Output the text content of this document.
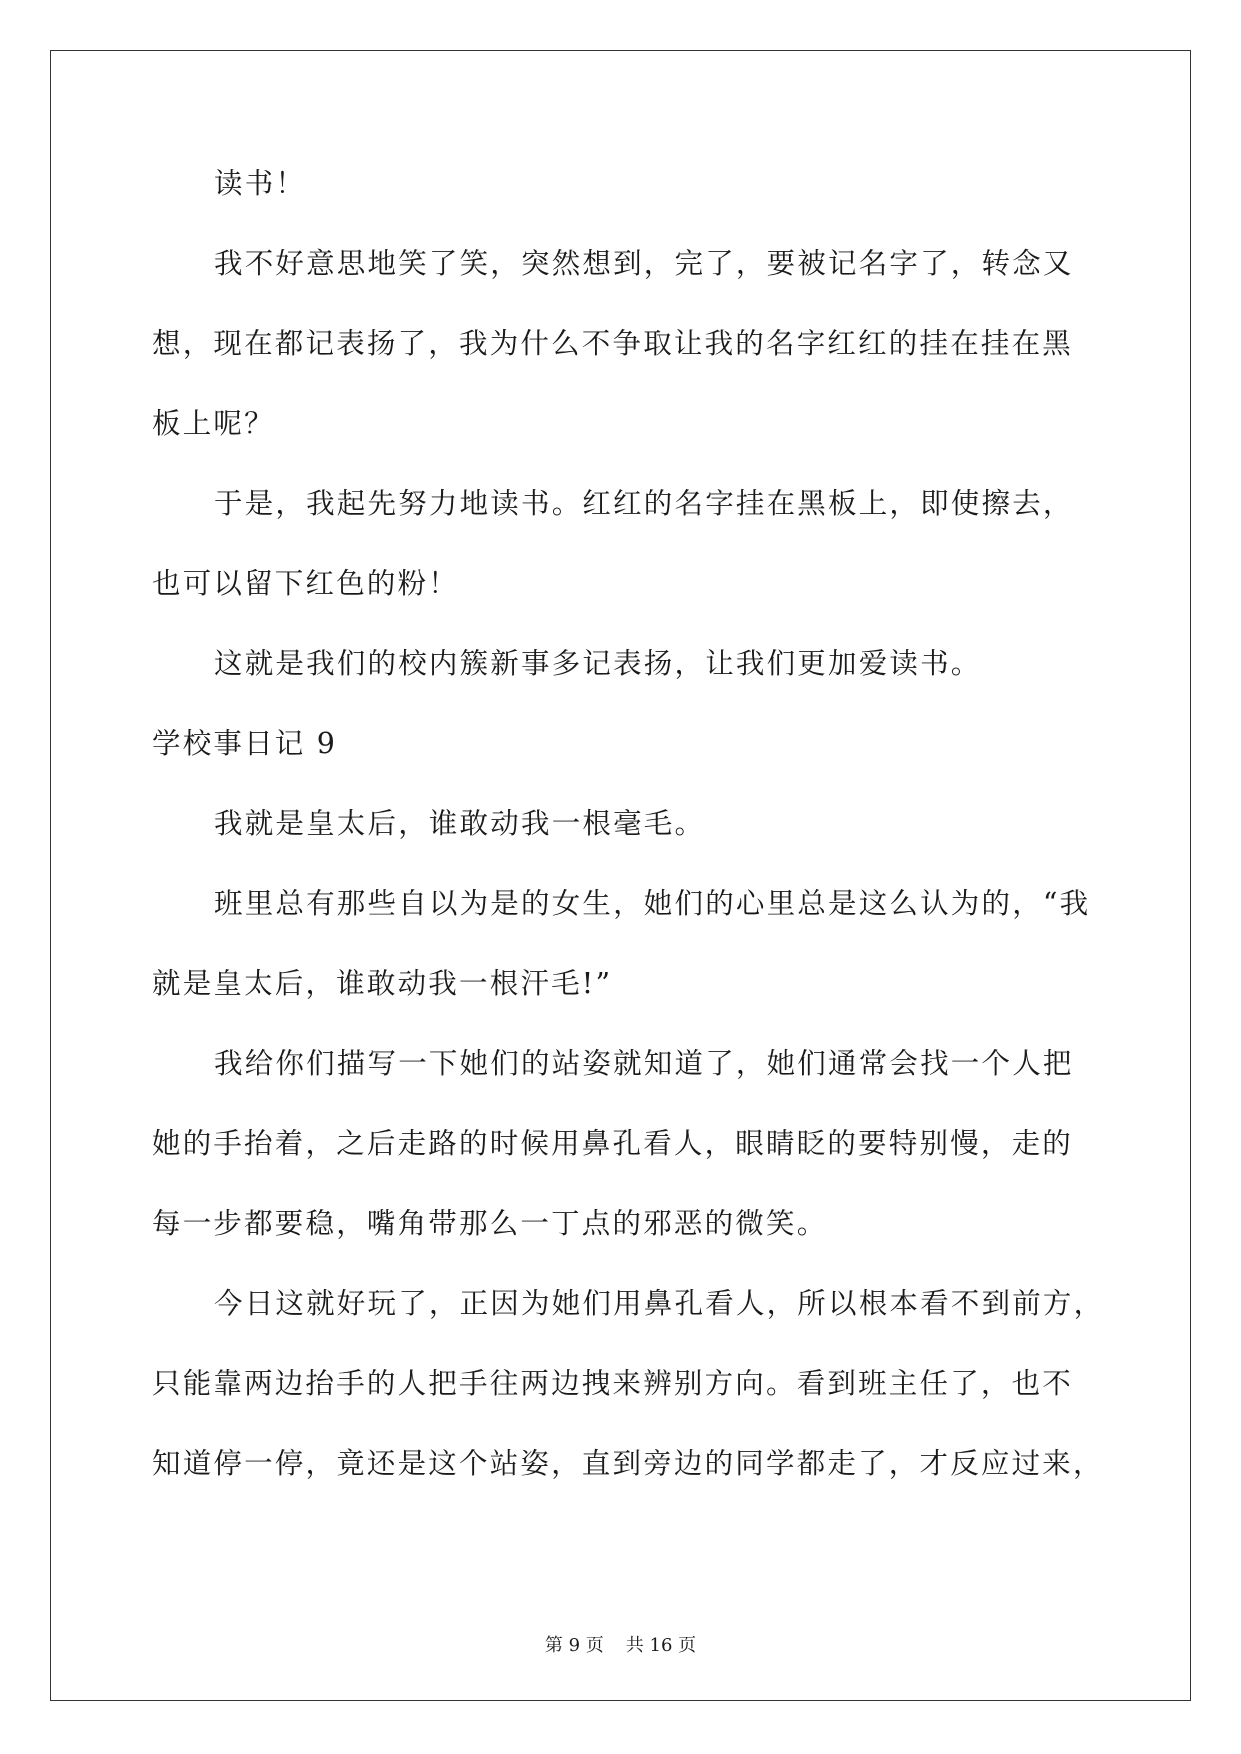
读书！
我不好意思地笑了笑，突然想到，完了，要被记名字了，转念又
想，现在都记表扬了，我为什么不争取让我的名字红红的挂在挂在黑
板上呢？
于是，我起先努力地读书。红红的名字挂在黑板上，即使擦去，
也可以留下红色的粉！
这就是我们的校内簇新事多记表扬，让我们更加爱读书。
学校事日记 9
我就是皇太后，谁敢动我一根毫毛。
班里总有那些自以为是的女生，她们的心里总是这么认为的，“我
就是皇太后，谁敢动我一根汗毛!”
我给你们描写一下她们的站姿就知道了，她们通常会找一个人把
她的手抬着，之后走路的时候用鼻孔看人，眼睛眨的要特别慢，走的
每一步都要稳，嘴角带那么一丁点的邪恶的微笑。
今日这就好玩了，正因为她们用鼻孔看人，所以根本看不到前方，
只能靠两边抬手的人把手往两边拽来辨别方向。看到班主任了，也不
知道停一停，竟还是这个站姿，直到旁边的同学都走了，才反应过来，
第 9 页 共 16 页
